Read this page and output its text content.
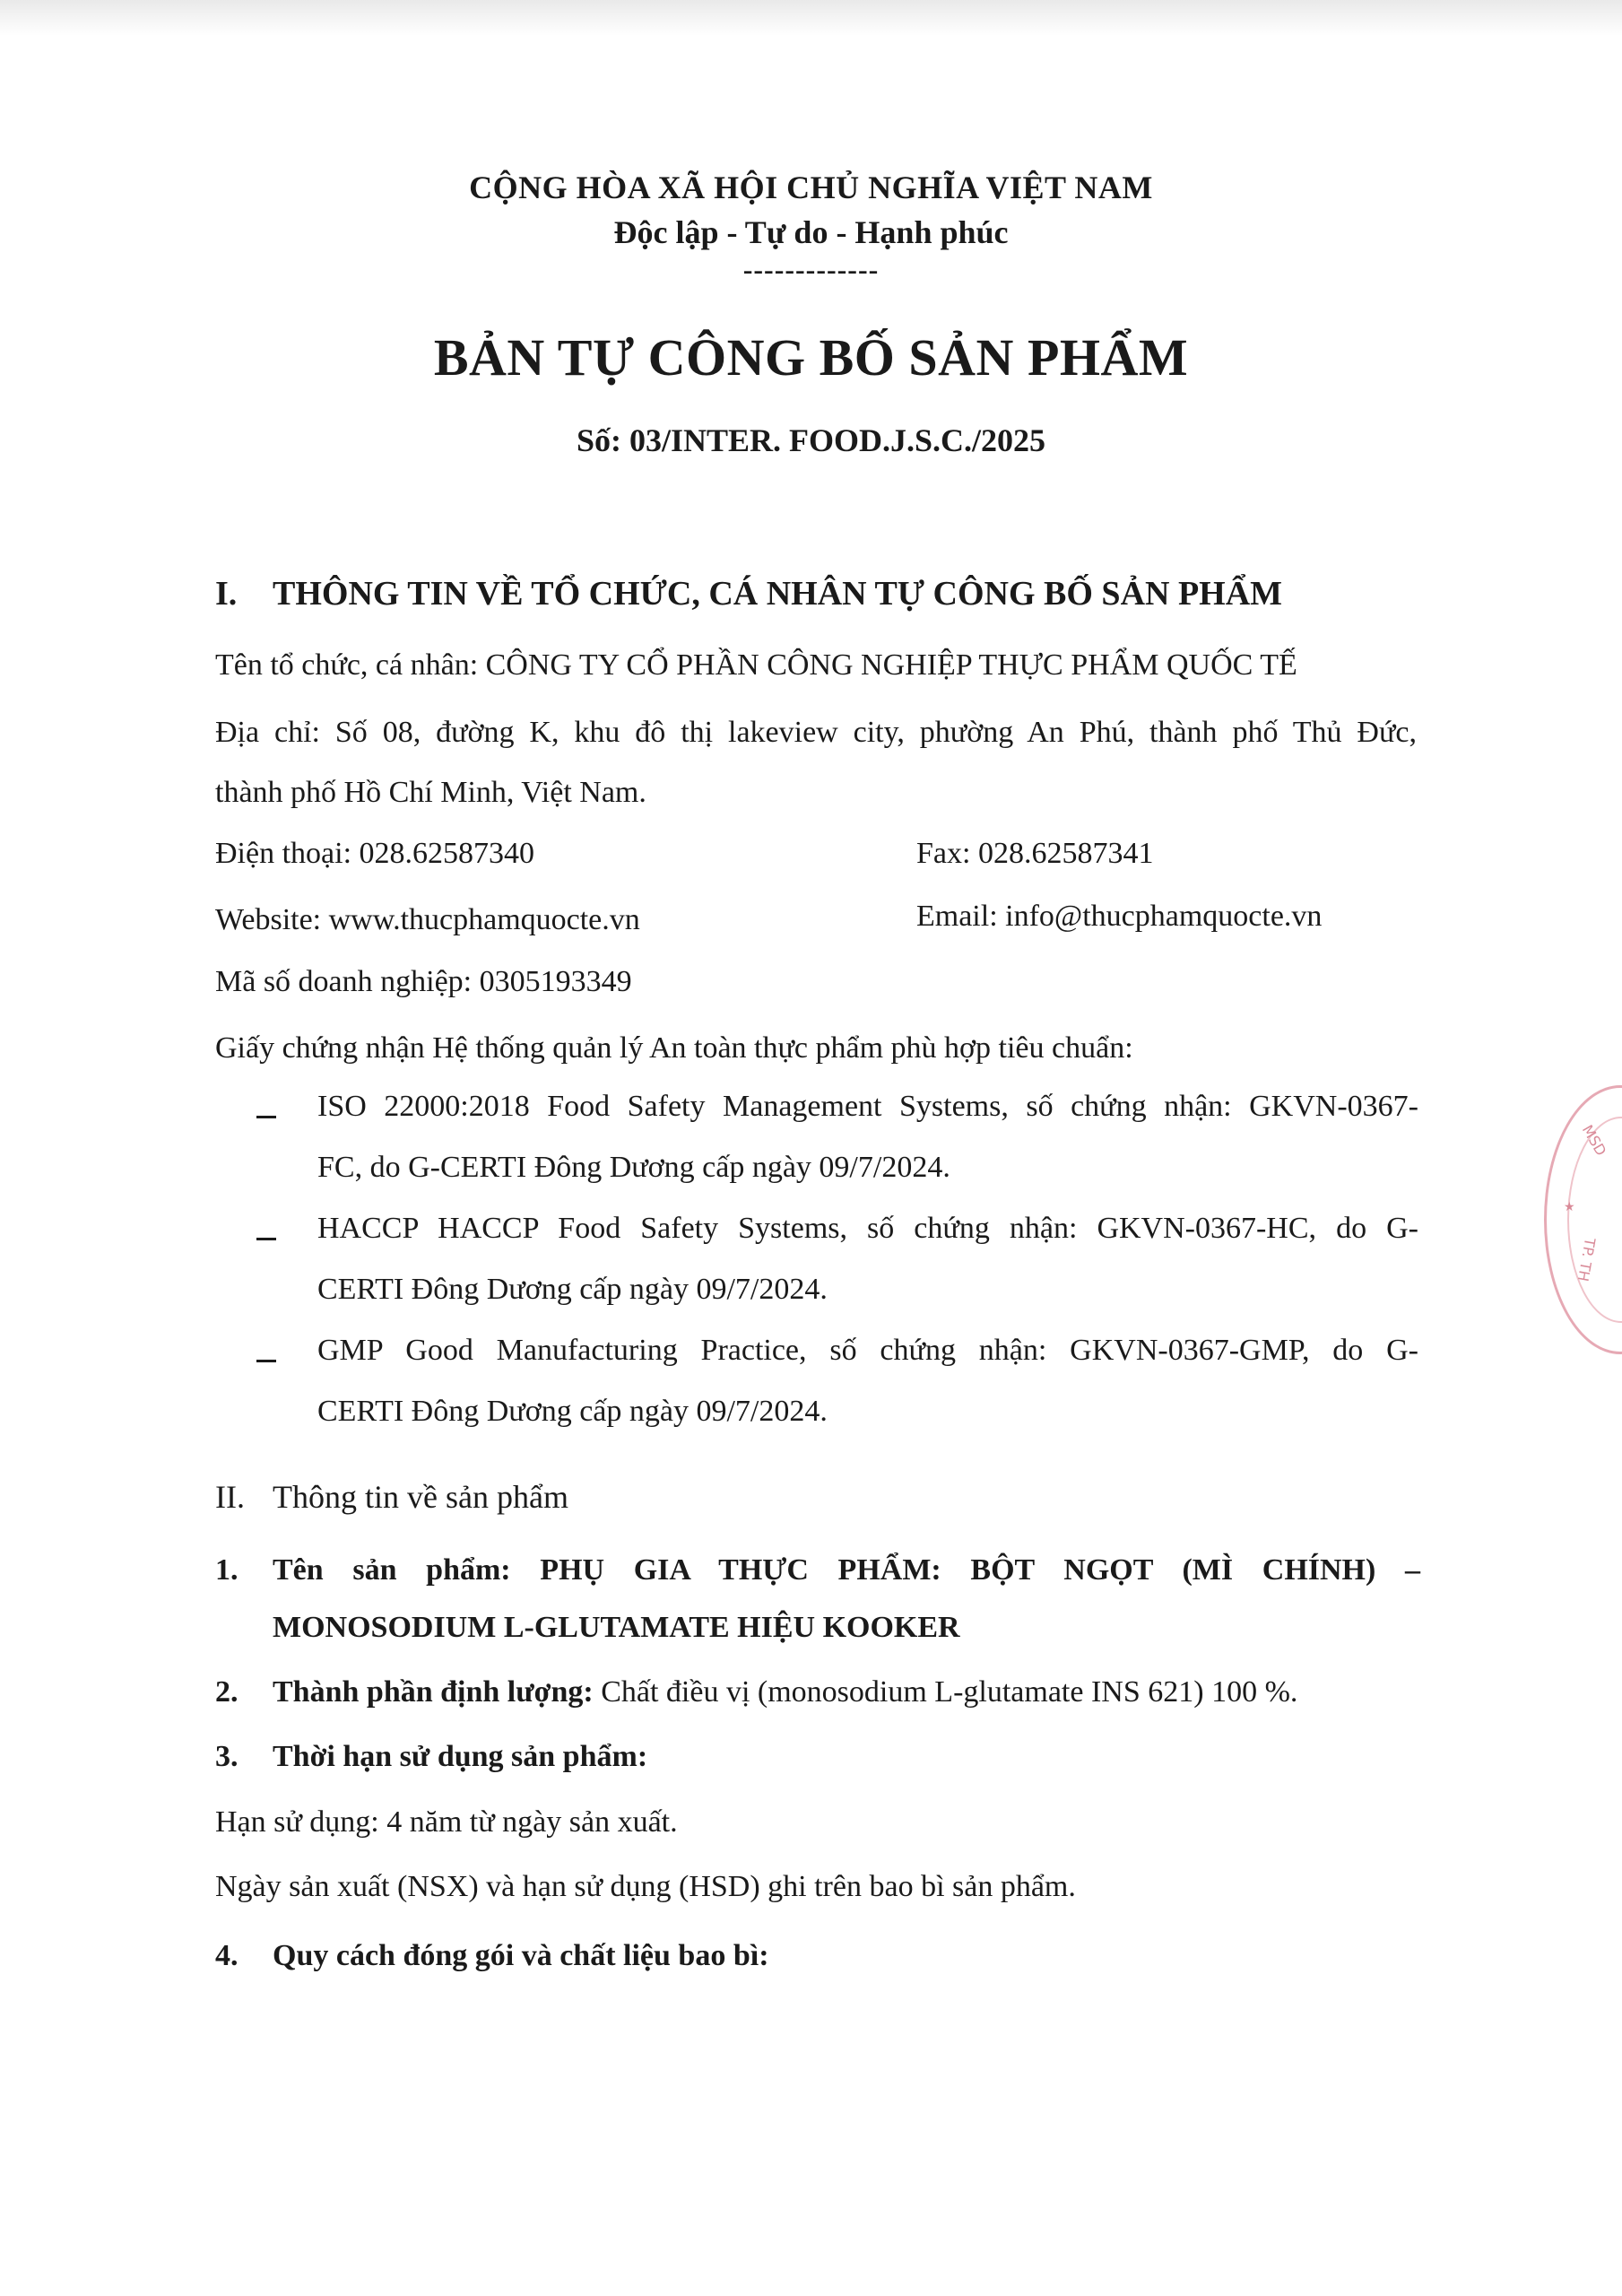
CỘNG HÒA XÃ HỘI CHỦ NGHĨA VIỆT NAM
Độc lập - Tự do - Hạnh phúc
-------------
BẢN TỰ CÔNG BỐ SẢN PHẨM
Số: 03/INTER. FOOD.J.S.C./2025
I. THÔNG TIN VỀ TỔ CHỨC, CÁ NHÂN TỰ CÔNG BỐ SẢN PHẨM
Tên tổ chức, cá nhân: CÔNG TY CỔ PHẦN CÔNG NGHIỆP THỰC PHẨM QUỐC TẾ
Địa chỉ: Số 08, đường K, khu đô thị lakeview city, phường An Phú, thành phố Thủ Đức,
thành phố Hồ Chí Minh, Việt Nam.
Điện thoại: 028.62587340	Fax: 028.62587341
Website: www.thucphamquocte.vn	Email: info@thucphamquocte.vn
Mã số doanh nghiệp: 0305193349
Giấy chứng nhận Hệ thống quản lý An toàn thực phẩm phù hợp tiêu chuẩn:
ISO 22000:2018 Food Safety Management Systems, số chứng nhận: GKVN-0367-
FC, do G-CERTI Đông Dương cấp ngày 09/7/2024.
HACCP HACCP Food Safety Systems, số chứng nhận: GKVN-0367-HC, do G-
CERTI Đông Dương cấp ngày 09/7/2024.
GMP Good Manufacturing Practice, số chứng nhận: GKVN-0367-GMP, do G-
CERTI Đông Dương cấp ngày 09/7/2024.
II. Thông tin về sản phẩm
1. Tên sản phẩm: PHỤ GIA THỰC PHẨM: BỘT NGỌT (MÌ CHÍNH) –
MONOSODIUM L-GLUTAMATE HIỆU KOOKER
2. Thành phần định lượng: Chất điều vị (monosodium L-glutamate INS 621) 100 %.
3. Thời hạn sử dụng sản phẩm:
Hạn sử dụng: 4 năm từ ngày sản xuất.
Ngày sản xuất (NSX) và hạn sử dụng (HSD) ghi trên bao bì sản phẩm.
4. Quy cách đóng gói và chất liệu bao bì:
MSD
TP. TH
★
